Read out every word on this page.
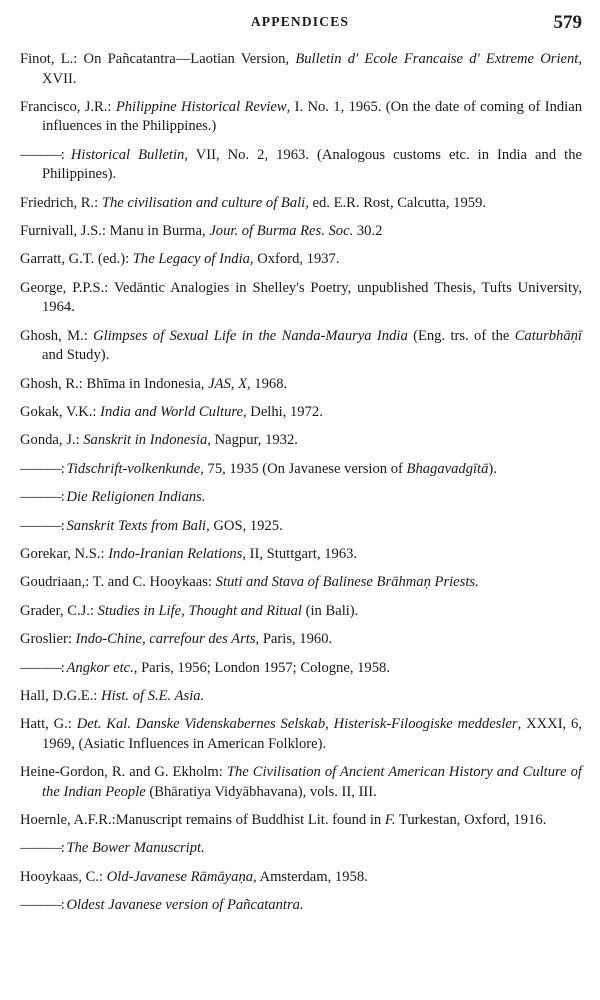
APPENDICES	579

Finot, L.: On Pañcatantra—Laotian Version, Bulletin d' Ecole Francaise d' Extreme Orient, XVII.

Francisco, J.R.: Philippine Historical Review, I. No. 1, 1965. (On the date of coming of Indian influences in the Philippines.)

———: Historical Bulletin, VII, No. 2, 1963. (Analogous customs etc. in India and the Philippines).

Friedrich, R.: The civilisation and culture of Bali, ed. E.R. Rost, Calcutta, 1959.

Furnivall, J.S.: Manu in Burma, Jour. of Burma Res. Soc. 30.2

Garratt, G.T. (ed.): The Legacy of India, Oxford, 1937.

George, P.P.S.: Vedāntic Analogies in Shelley's Poetry, unpublished Thesis, Tufts University, 1964.

Ghosh, M.: Glimpses of Sexual Life in the Nanda-Maurya India (Eng. trs. of the Caturbhāṇī and Study).

Ghosh, R.: Bhīma in Indonesia, JAS, X, 1968.

Gokak, V.K.: India and World Culture, Delhi, 1972.

Gonda, J.: Sanskrit in Indonesia, Nagpur, 1932.

———: Tidschrift-volkenkunde, 75, 1935 (On Javanese version of Bhagavadgītā).

———: Die Religionen Indians.

———: Sanskrit Texts from Bali, GOS, 1925.

Gorekar, N.S.: Indo-Iranian Relations, II, Stuttgart, 1963.

Goudriaan,: T. and C. Hooykaas: Stuti and Stava of Balinese Brāhmaṇ Priests.

Grader, C.J.: Studies in Life, Thought and Ritual (in Bali).

Groslier: Indo-Chine, carrefour des Arts, Paris, 1960.

———: Angkor etc., Paris, 1956; London 1957; Cologne, 1958.

Hall, D.G.E.: Hist. of S.E. Asia.

Hatt, G.: Det. Kal. Danske Videnskabernes Selskab, Histerisk-Filoogiske meddesler, XXXI, 6, 1969, (Asiatic Influences in American Folklore).

Heine-Gordon, R. and G. Ekholm: The Civilisation of Ancient American History and Culture of the Indian People (Bhāratiya Vidyābhavana), vols. II, III.

Hoernle, A.F.R.:Manuscript remains of Buddhist Lit. found in F. Turkestan, Oxford, 1916.

———: The Bower Manuscript.

Hooykaas, C.: Old-Javanese Rāmāyaṇa, Amsterdam, 1958.

———: Oldest Javanese version of Pañcatantra.
